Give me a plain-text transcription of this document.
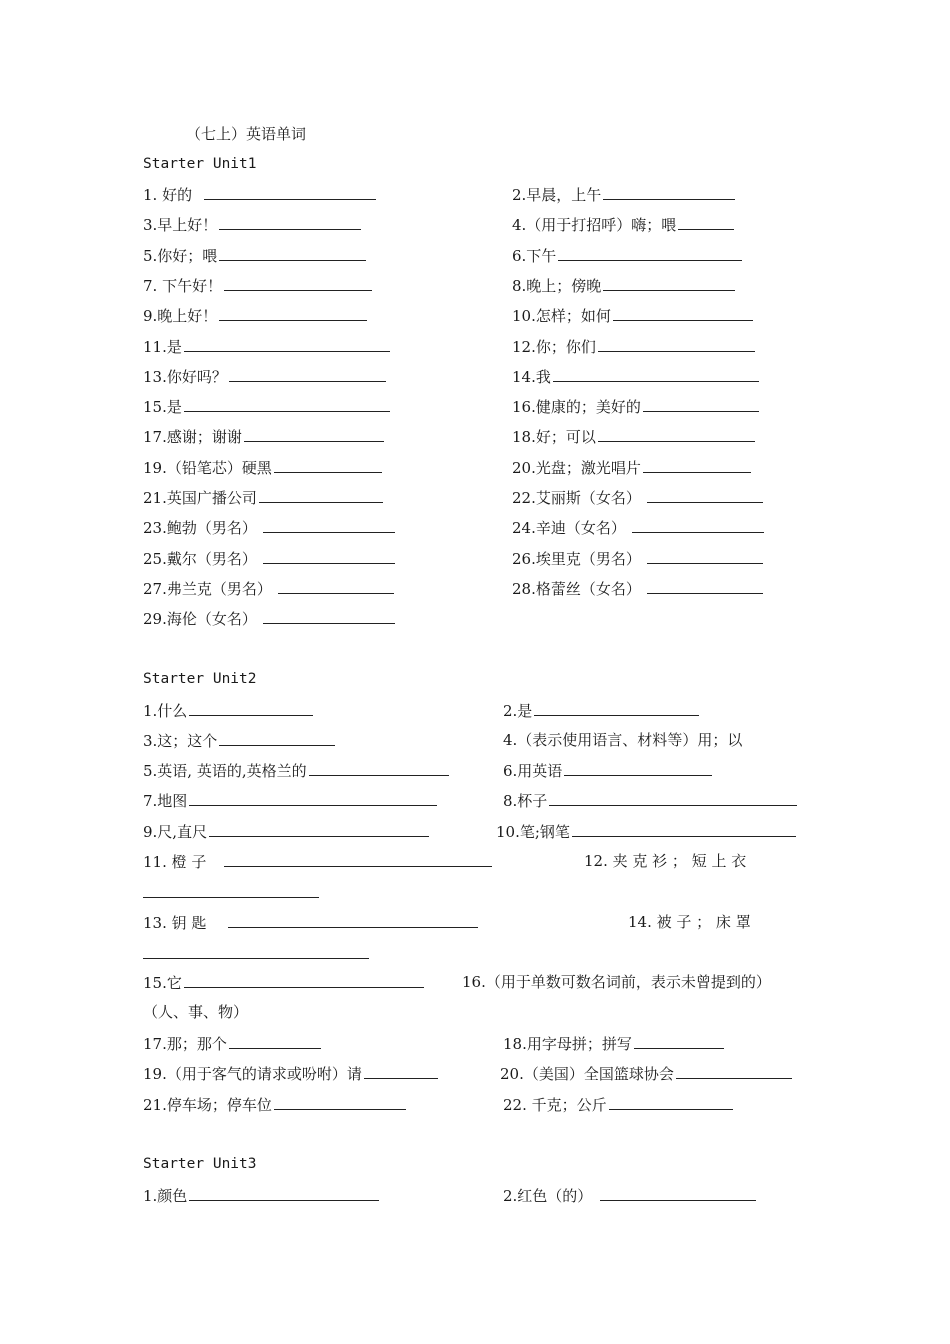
（七上）英语单词
Starter Unit1
1. 好的	2.早晨，上午
3.早上好！	4.（用于打招呼）嗨；喂
5.你好；喂	6.下午
7. 下午好！	8.晚上；傍晚
9.晚上好！	10.怎样；如何
11.是	12.你；你们
13.你好吗？	14.我
15.是	16.健康的；美好的
17.感谢；谢谢	18.好；可以
19.（铅笔芯）硬黑	20.光盘；激光唱片
21.英国广播公司	22.艾丽斯（女名）
23.鲍勃（男名）	24.辛迪（女名）
25.戴尔（男名）	26.埃里克（男名）
27.弗兰克（男名）	28.格蕾丝（女名）
29.海伦（女名）
Starter Unit2
1.什么	2.是
3.这；这个	4.（表示使用语言、材料等）用；以
5.英语, 英语的,英格兰的	6.用英语
7.地图	8.杯子
9.尺,直尺	10.笔;钢笔
11. 橙 子	12. 夹 克 衫 ； 短 上 衣
13. 钥 匙	14. 被 子 ； 床 罩
15.它	16.（用于单数可数名词前，表示未曾提到的）
（人、事、物）
17.那；那个	18.用字母拼；拼写
19.（用于客气的请求或吩咐）请	20.（美国）全国篮球协会
21.停车场；停车位	22. 千克；公斤
Starter Unit3
1.颜色	2.红色（的）
